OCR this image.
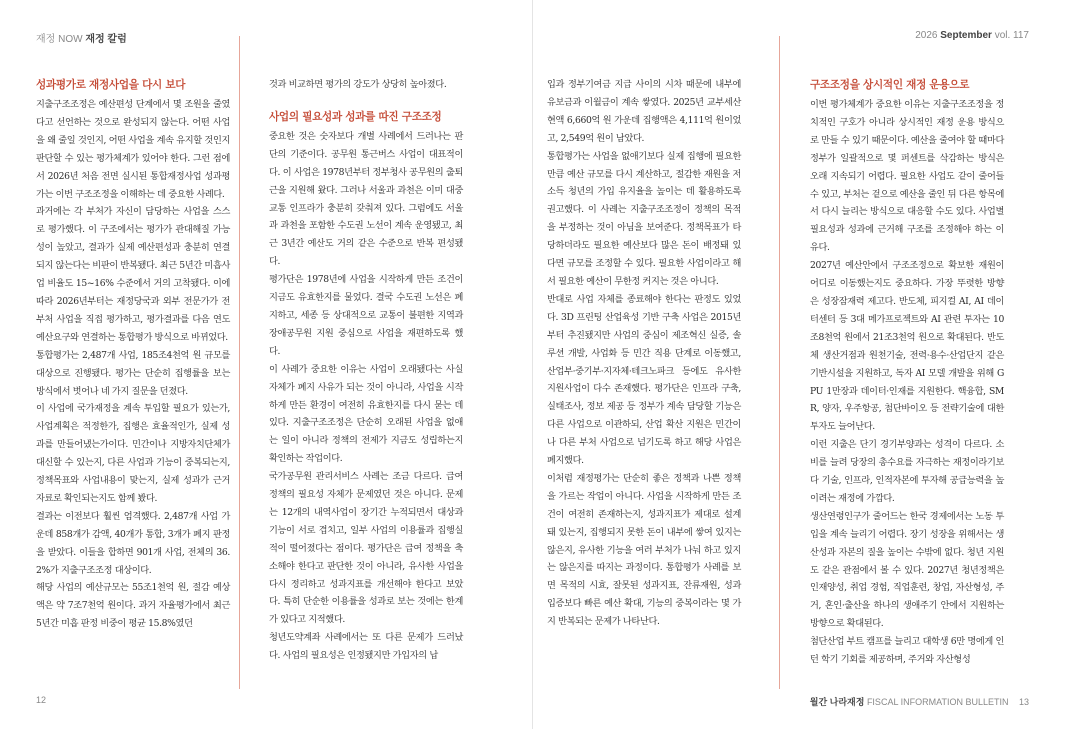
재정 NOW 재정 칼럼
성과평가로 재정사업을 다시 보다

지출구조조정은 예산편성 단계에서 몇 조원을 줄였다고 선언하는 것으로 완성되지 않는다. 어떤 사업을 왜 줄일 것인지, 어떤 사업을 계속 유지할 것인지 판단할 수 있는 평가체계가 있어야 한다. 그런 점에서 2026년 처음 전면 실시된 통합재정사업 성과평가는 이번 구조조정을 이해하는 데 중요한 사례다.

과거에는 각 부처가 자신이 담당하는 사업을 스스로 평가했다. 이 구조에서는 평가가 관대해질 가능성이 높았고, 결과가 실제 예산편성과 충분히 연결되지 않는다는 비판이 반복됐다. 최근 5년간 미흡사업 비율도 15~16% 수준에서 거의 고착됐다. 이에 따라 2026년부터는 재정당국과 외부 전문가가 전 부처 사업을 직접 평가하고, 평가결과를 다음 연도 예산요구와 연결하는 통합평가 방식으로 바뀌었다.

통합평가는 2,487개 사업, 185조4천억 원 규모를 대상으로 진행됐다. 평가는 단순히 집행률을 보는 방식에서 벗어나 네 가지 질문을 던졌다.

이 사업에 국가재정을 계속 투입할 필요가 있는가, 사업계획은 적정한가, 집행은 효율적인가, 실제 성과를 만들어냈는가이다. 민간이나 지방자치단체가 대신할 수 있는지, 다른 사업과 기능이 중복되는지, 정책목표와 사업내용이 맞는지, 실제 성과가 근거자료로 확인되는지도 함께 봤다.

결과는 이전보다 훨씬 엄격했다. 2,487개 사업 가운데 858개가 감액, 40개가 통합, 3개가 폐지 판정을 받았다. 이들을 합하면 901개 사업, 전체의 36.2%가 지출구조조정 대상이다.

해당 사업의 예산규모는 55조1천억 원, 절감 예상액은 약 7조7천억 원이다. 과거 자율평가에서 최근 5년간 미흡 판정 비중이 평균 15.8%였던

것과 비교하면 평가의 강도가 상당히 높아졌다.

사업의 필요성과 성과를 따진 구조조정

중요한 것은 숫자보다 개별 사례에서 드러나는 판단의 기준이다. 공무원 통근버스 사업이 대표적이다. 이 사업은 1978년부터 정부청사 공무원의 출퇴근을 지원해 왔다. 그러나 서울과 과천은 이미 대중교통 인프라가 충분히 갖춰져 있다. 그럼에도 서울과 과천을 포함한 수도권 노선이 계속 운영됐고, 최근 3년간 예산도 거의 같은 수준으로 반복 편성됐다.

평가단은 1978년에 사업을 시작하게 만든 조건이 지금도 유효한지를 물었다. 결국 수도권 노선은 폐지하고, 세종 등 상대적으로 교통이 불편한 지역과 장애공무원 지원 중심으로 사업을 재편하도록 했다.

이 사례가 중요한 이유는 사업이 오래됐다는 사실 자체가 폐지 사유가 되는 것이 아니라, 사업을 시작하게 만든 환경이 여전히 유효한지를 다시 묻는 데 있다. 지출구조조정은 단순히 오래된 사업을 없애는 일이 아니라 정책의 전제가 지금도 성립하는지 확인하는 작업이다.

국가공무원 관리서비스 사례는 조금 다르다. 급여 정책의 필요성 자체가 문제였던 것은 아니다. 문제는 12개의 내역사업이 장기간 누적되면서 대상과 기능이 서로 겹치고, 일부 사업의 이용률과 집행실적이 떨어졌다는 점이다. 평가단은 급여 정책을 축소해야 한다고 판단한 것이 아니라, 유사한 사업을 다시 정리하고 성과지표를 개선해야 한다고 보았다. 특히 단순한 이용률을 성과로 보는 것에는 한계가 있다고 지적했다.

청년도약계좌 사례에서는 또 다른 문제가 드러났다. 사업의 필요성은 인정됐지만 가입자의 납

12
2026 September vol. 117

입과 정부기여금 지급 사이의 시차 때문에 내부에 유보금과 이월금이 계속 쌓였다. 2025년 교부세산현액 6,660억 원 가운데 집행액은 4,111억 원이었고, 2,549억 원이 남았다.

통합평가는 사업을 없애기보다 실제 집행에 필요한 만큼 예산 규모를 다시 계산하고, 절감한 재원을 저소득 청년의 가입 유지율을 높이는 데 활용하도록 권고했다. 이 사례는 지출구조조정이 정책의 목적을 부정하는 것이 아님을 보여준다. 정책목표가 타당하더라도 필요한 예산보다 많은 돈이 배정돼 있다면 규모를 조정할 수 있다. 필요한 사업이라고 해서 필요한 예산이 무한정 커지는 것은 아니다.

반대로 사업 자체를 종료해야 한다는 판정도 있었다. 3D 프린팅 산업육성 기반 구축 사업은 2015년부터 추진됐지만 사업의 중심이 제조혁신 실증, 솔루션 개발, 사업화 등 민간 직용 단계로 이동했고, 산업부·중기부·지자체·테크노파크 등에도 유사한 지원사업이 다수 존재했다. 평가단은 인프라 구축, 실태조사, 정보 제공 등 정부가 계속 담당할 기능은 다른 사업으로 이관하되, 산업 확산 지원은 민간이나 다른 부처 사업으로 넘기도록 하고 해당 사업은 폐지했다.

이처럼 재정평가는 단순히 좋은 정책과 나쁜 정책을 가르는 작업이 아니다. 사업을 시작하게 만든 조건이 여전히 존재하는지, 성과지표가 제대로 설계돼 있는지, 집행되지 못한 돈이 내부에 쌓여 있지는 않은지, 유사한 기능을 여러 부처가 나눠 하고 있지는 않은지를 따지는 과정이다. 통합평가 사례를 보면 목적의 시효, 잘못된 성과지표, 잔류재원, 성과 입증보다 빠른 예산 확대, 기능의 중복이라는 몇 가지 반복되는 문제가 나타난다.

구조조정을 상시적인 재정 운용으로

이번 평가체계가 중요한 이유는 지출구조조정을 정치적인 구호가 아니라 상시적인 재정 운용 방식으로 만들 수 있기 때문이다. 예산을 줄여야 할 때마다 정부가 일괄적으로 몇 퍼센트를 삭감하는 방식은 오래 지속되기 어렵다. 필요한 사업도 같이 줄어들 수 있고, 부처는 겉으로 예산을 줄인 뒤 다른 항목에서 다시 늘리는 방식으로 대응할 수도 있다. 사업별 필요성과 성과에 근거해 구조를 조정해야 하는 이유다.

2027년 예산안에서 구조조정으로 확보한 재원이 어디로 이동했는지도 중요하다. 가장 뚜렷한 방향은 성장잠재력 제고다. 반도체, 피지컬 AI, AI 데이터센터 등 3대 메가프로젝트와 AI 관련 투자는 10조8천억 원에서 21조3천억 원으로 확대된다. 반도체 생산거점과 원천기술, 전력·용수·산업단지 같은 기반시설을 지원하고, 독자 AI 모델 개발을 위해 GPU 1만장과 데이터·인재를 지원한다. 핵융합, SMR, 양자, 우주항공, 첨단바이오 등 전략기술에 대한 투자도 늘어난다.

이런 지출은 단기 경기부양과는 성격이 다르다. 소비를 늘려 당장의 총수요를 자극하는 재정이라기보다 기술, 인프라, 인적자본에 투자해 공급능력을 높이려는 재정에 가깝다.

생산연령인구가 줄어드는 한국 경제에서는 노동 투입을 계속 늘리기 어렵다. 장기 성장을 위해서는 생산성과 자본의 질을 높이는 수밖에 없다. 청년 지원도 같은 관점에서 볼 수 있다. 2027년 청년정책은 인재양성, 취업 경험, 직업훈련, 창업, 자산형성, 주거, 혼인·출산을 하나의 생애주기 안에서 지원하는 방향으로 확대된다.

첨단산업 부트 캠프를 늘리고 대학생 6만 명에게 인턴 학기 기회를 제공하며, 주거와 자산형성

월간 나라재정 FISCAL INFORMATION BULLETIN 13
